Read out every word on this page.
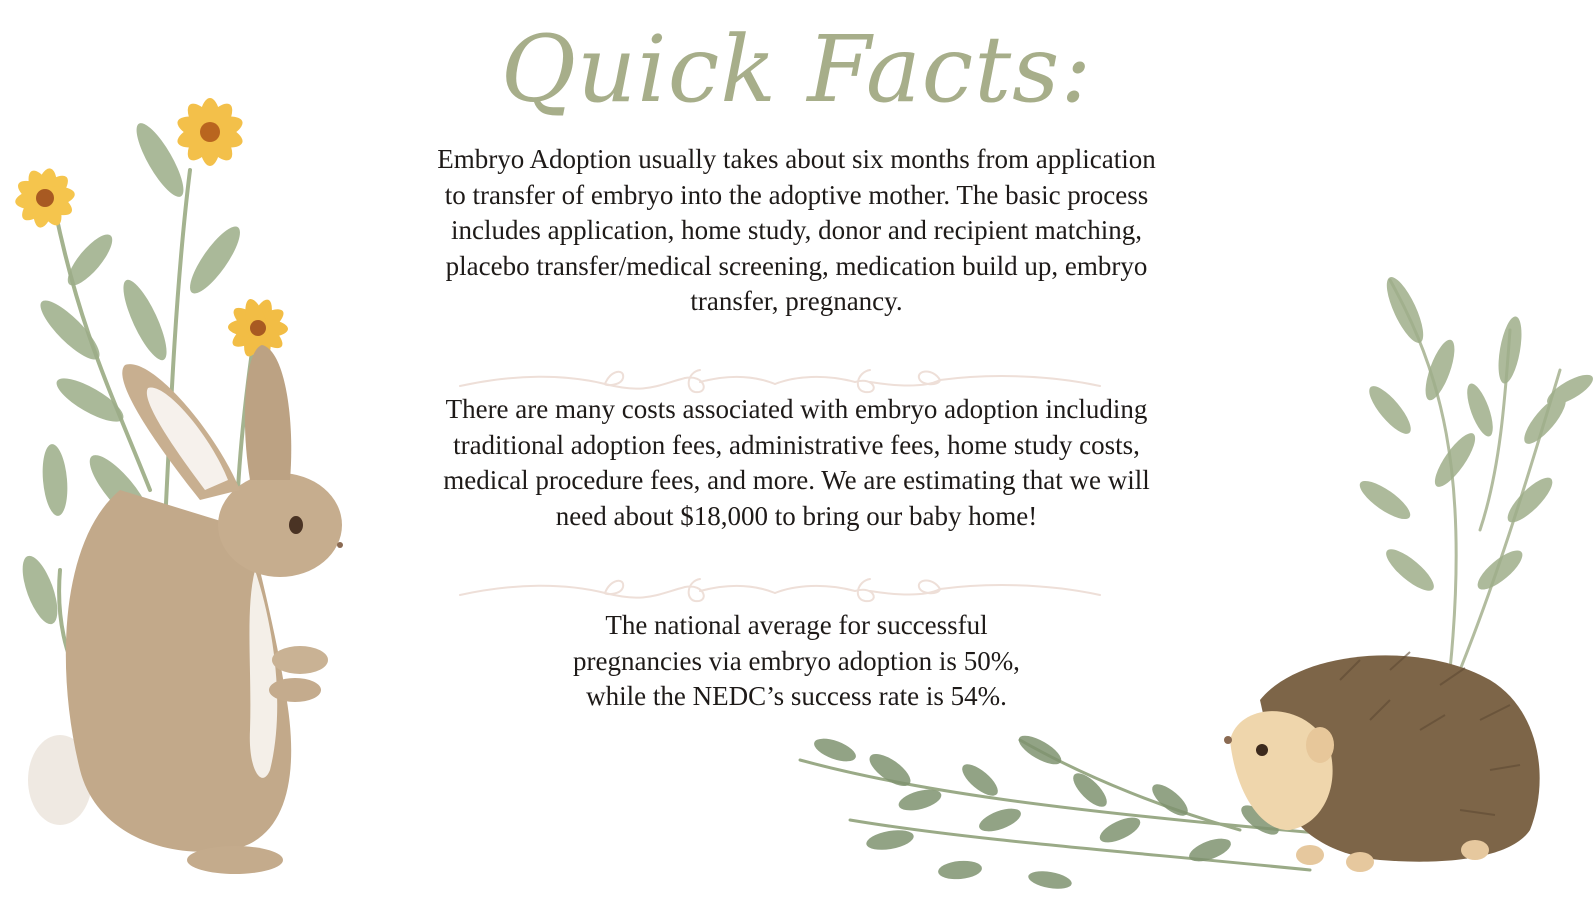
Quick Facts:

Embryo Adoption usually takes about six months from application to transfer of embryo into the adoptive mother. The basic process includes application, home study, donor and recipient matching, placebo transfer/medical screening, medication build up, embryo transfer, pregnancy.

There are many costs associated with embryo adoption including traditional adoption fees, administrative fees, home study costs, medical procedure fees, and more. We are estimating that we will need about $18,000 to bring our baby home!

The national average for successful pregnancies via embryo adoption is 50%, while the NEDC’s success rate is 54%.
